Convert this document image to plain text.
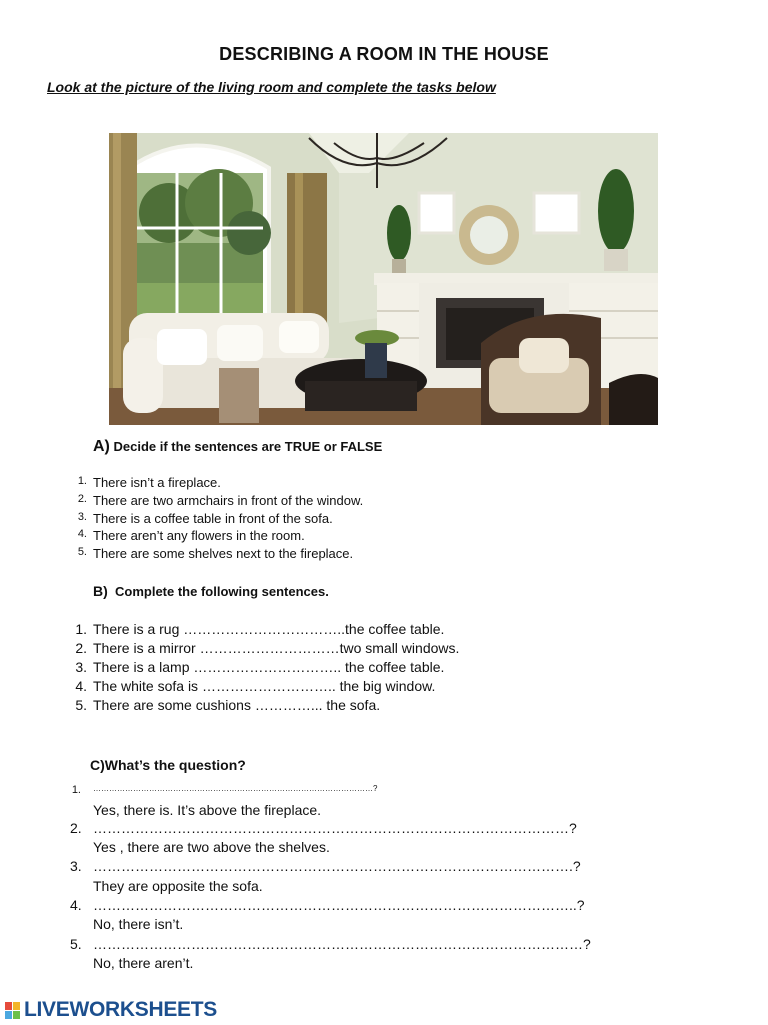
DESCRIBING A ROOM IN THE HOUSE
Look at the picture of the living room and complete the tasks below
A) Decide if the sentences are TRUE or FALSE
1. There isn’t a fireplace.
2. There are two armchairs in front of the window.
3. There is a coffee table in front of the sofa.
4. There aren’t any flowers in the room.
5. There are some shelves next to the fireplace.
B) Complete the following sentences.
1. There is a rug ……………………………..the coffee table.
2. There is a mirror …………………………two small windows.
3. There is a lamp ………………………….. the coffee table.
4. The white sofa is ……………………….. the big window.
5. There are some cushions …………... the sofa.
C)What’s the question?
1. ……………………………………………………………………………………………?
Yes, there is. It’s above the fireplace.
2. …………………………………………………………………………………………?
Yes , there are two above the shelves.
3. ………………………………………………………………………………………….?
They are opposite the sofa.
4. …………………………………………………………………………………………..?
No, there isn’t.
5. ……………………………………………………………………………………………?
No, there aren’t.
LIVEWORKSHEETS
